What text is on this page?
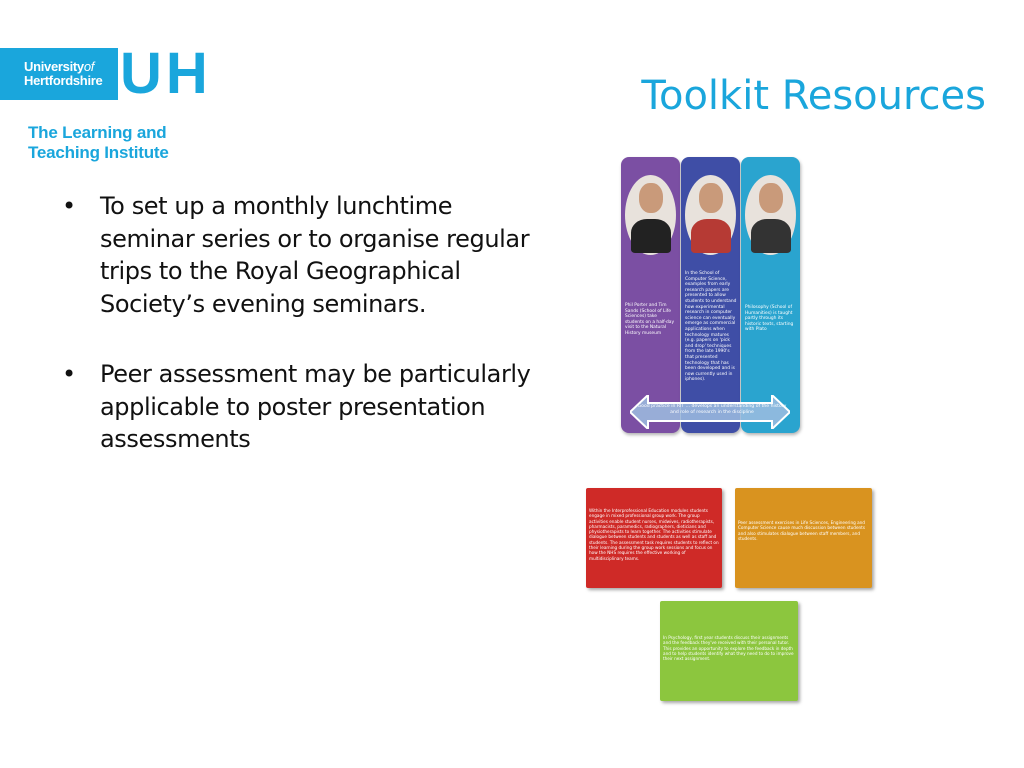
Universityof
Hertfordshire UH
The Learning and
Teaching Institute
Toolkit Resources
• To set up a monthly lunchtime seminar series or to organise regular trips to the Royal Geographical Society’s evening seminars.
• Peer assessment may be particularly applicable to poster presentation assessments
Phil Porter and Tim Sands (School of Life Sciences) take students on a half-day visit to the Natural History museum
In the School of Computer Science, examples from early research papers are presented to allow students to understand how experimental research in computer science can eventually emerge as commercial applications when technology matures (e.g. papers on 'pick and drop' techniques from the late 1990's that presented technology that has been developed and is now currently used in iphones).
Philosophy (School of Humanities) is taught partly through its historic texts, starting with Plato
Good practice in RIT ... develops an understanding of the history and role of research in the discipline
Within the Interprofessional Education modules students engage in mixed professional group work. The group activities enable student nurses, midwives, radiotherapists, pharmacists, paramedics, radiographers, dieticians and physiotherapists to learn together. The activities stimulate dialogue between students and students as well as staff and students. The assessment task requires students to reflect on their learning during the group work sessions and focus on how the NHS requires the effective working of multidisciplinary teams.
Peer assessment exercises in Life Sciences, Engineering and Computer Science cause much discussion between students and also stimulates dialogue between staff members, and students.
In Psychology, first year students discuss their assignments and the feedback they've received with their personal tutor. This provides an opportunity to explore the feedback in depth and to help students identify what they need to do to improve their next assignment.
